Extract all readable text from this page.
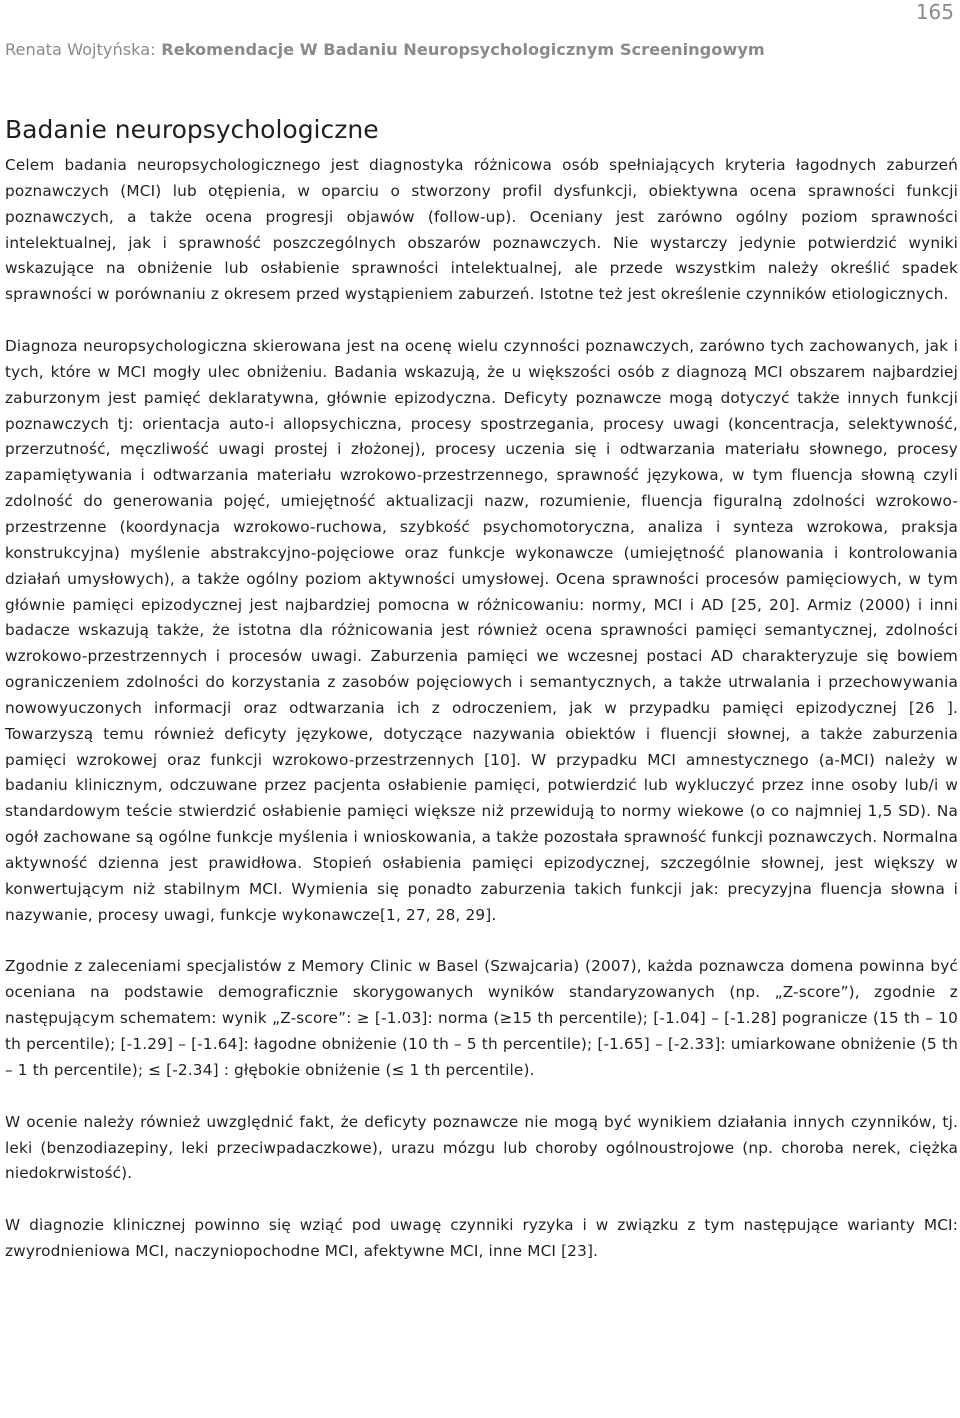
165
Renata Wojtyńska: Rekomendacje W Badaniu Neuropsychologicznym Screeningowym
Badanie neuropsychologiczne

Celem badania neuropsychologicznego jest diagnostyka różnicowa osób spełniających kryteria łagodnych zaburzeń poznawczych (MCI) lub otępienia, w oparciu o stworzony profil dysfunkcji, obiektywna ocena sprawności funkcji poznawczych, a także ocena progresji objawów (follow-up). Oceniany jest zarówno ogólny poziom sprawności intelektualnej, jak i sprawność poszczególnych obszarów poznawczych. Nie wystarczy jedynie potwierdzić wyniki wskazujące na obniżenie lub osłabienie sprawności intelektualnej, ale przede wszystkim należy określić spadek sprawności w porównaniu z okresem przed wystąpieniem zaburzeń. Istotne też jest określenie czynników etiologicznych.

Diagnoza neuropsychologiczna skierowana jest na ocenę wielu czynności poznawczych, zarówno tych zachowanych, jak i tych, które w MCI mogły ulec obniżeniu. Badania wskazują, że u większości osób z diagnozą MCI obszarem najbardziej zaburzonym jest pamięć deklaratywna, głównie epizodyczna. Deficyty poznawcze mogą dotyczyć także innych funkcji poznawczych tj: orientacja auto-i allopsychiczna, procesy spostrzegania, procesy uwagi (koncentracja, selektywność, przerzutność, męczliwość uwagi prostej i złożonej), procesy uczenia się i odtwarzania materiału słownego, procesy zapamiętywania i odtwarzania materiału wzrokowo-przestrzennego, sprawność językowa, w tym fluencja słowną czyli zdolność do generowania pojęć, umiejętność aktualizacji nazw, rozumienie, fluencja figuralną zdolności wzrokowo-przestrzenne (koordynacja wzrokowo-ruchowa, szybkość psychomotoryczna, analiza i synteza wzrokowa, praksja konstrukcyjna) myślenie abstrakcyjno-pojęciowe oraz funkcje wykonawcze (umiejętność planowania i kontrolowania działań umysłowych), a także ogólny poziom aktywności umysłowej. Ocena sprawności procesów pamięciowych, w tym głównie pamięci epizodycznej jest najbardziej pomocna w różnicowaniu: normy, MCI i AD [25, 20]. Armiz (2000) i inni badacze wskazują także, że istotna dla różnicowania jest również ocena sprawności pamięci semantycznej, zdolności wzrokowo-przestrzennych i procesów uwagi. Zaburzenia pamięci we wczesnej postaci AD charakteryzuje się bowiem ograniczeniem zdolności do korzystania z zasobów pojęciowych i semantycznych, a także utrwalania i przechowywania nowowyuczonych informacji oraz odtwarzania ich z odroczeniem, jak w przypadku pamięci epizodycznej [26 ]. Towarzyszą temu również deficyty językowe, dotyczące nazywania obiektów i fluencji słownej, a także zaburzenia pamięci wzrokowej oraz funkcji wzrokowo-przestrzennych [10]. W przypadku MCI amnestycznego (a-MCI) należy w badaniu klinicznym, odczuwane przez pacjenta osłabienie pamięci, potwierdzić lub wykluczyć przez inne osoby lub/i w standardowym teście stwierdzić osłabienie pamięci większe niż przewidują to normy wiekowe (o co najmniej 1,5 SD). Na ogół zachowane są ogólne funkcje myślenia i wnioskowania, a także pozostała sprawność funkcji poznawczych. Normalna aktywność dzienna jest prawidłowa. Stopień osłabienia pamięci epizodycznej, szczególnie słownej, jest większy w konwertującym niż stabilnym MCI. Wymienia się ponadto zaburzenia takich funkcji jak: precyzyjna fluencja słowna i nazywanie, procesy uwagi, funkcje wykonawcze[1, 27, 28, 29].

Zgodnie z zaleceniami specjalistów z Memory Clinic w Basel (Szwajcaria) (2007), każda poznawcza domena powinna być oceniana na podstawie demograficznie skorygowanych wyników standaryzowanych (np. „Z-score”), zgodnie z następującym schematem: wynik „Z-score”: ≥ [-1.03]: norma (≥15 th percentile); [-1.04] – [-1.28] pogranicze (15 th – 10 th percentile); [-1.29] – [-1.64]: łagodne obniżenie (10 th – 5 th percentile); [-1.65] – [-2.33]: umiarkowane obniżenie (5 th – 1 th percentile); ≤ [-2.34] : głębokie obniżenie (≤ 1 th percentile).

W ocenie należy również uwzględnić fakt, że deficyty poznawcze nie mogą być wynikiem działania innych czynników, tj. leki (benzodiazepiny, leki przeciwpadaczkowe), urazu mózgu lub choroby ogólnoustrojowe (np. choroba nerek, ciężka niedokrwistość).

W diagnozie klinicznej powinno się wziąć pod uwagę czynniki ryzyka i w związku z tym następujące warianty MCI: zwyrodnieniowa MCI, naczyniopochodne MCI, afektywne MCI, inne MCI [23].
